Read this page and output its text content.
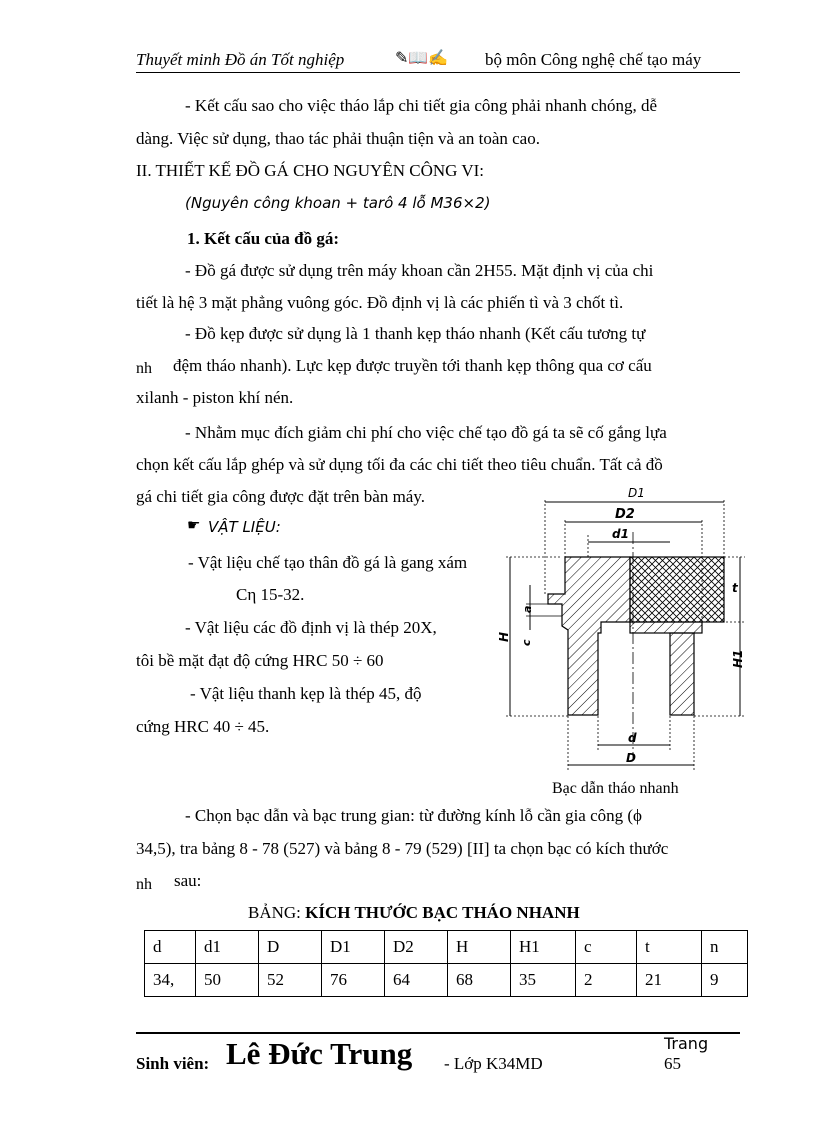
Thuyết minh Đồ án Tốt nghiệp	✎📖✍ bộ môn Công nghệ chế tạo máy
- Kết cấu sao cho việc tháo lắp chi tiết gia công phải nhanh chóng, dễ
dàng. Việc sử dụng, thao tác phải thuận tiện và an toàn cao.
II. THIẾT KẾ ĐỒ GÁ CHO NGUYÊN CÔNG VI:
(Nguyên công khoan + tarô 4 lỗ M36×2)
1. Kết cấu của đồ gá:
- Đồ gá được sử dụng trên máy khoan cần 2H55. Mặt định vị của chi
tiết là hệ 3 mặt phẳng vuông góc. Đồ định vị là các phiến tì và 3 chốt tì.
- Đồ kẹp được sử dụng là 1 thanh kẹp tháo nhanh (Kết cấu tương tự
nh đệm tháo nhanh). Lực kẹp được truyền tới thanh kẹp thông qua cơ cấu
xilanh - piston khí nén.
- Nhằm mục đích giảm chi phí cho việc chế tạo đồ gá ta sẽ cố gắng lựa
chọn kết cấu lắp ghép và sử dụng tối đa các chi tiết theo tiêu chuẩn. Tất cả đồ
gá chi tiết gia công được đặt trên bàn máy.
☛ VẬT LIỆU:
- Vật liệu chế tạo thân đồ gá là gang xám
Cη 15-32.
- Vật liệu các đồ định vị là thép 20X,
tôi bề mặt đạt độ cứng HRC 50 ÷ 60
- Vật liệu thanh kẹp là thép 45, độ
cứng HRC 40 ÷ 45.
D1
D2
d1
t
a
H
c
H1
d
D
Bạc dẫn tháo nhanh
- Chọn bạc dẫn và bạc trung gian: từ đường kính lỗ cần gia công (ϕ
34,5), tra bảng 8 - 78 (527) và bảng 8 - 79 (529) [II] ta chọn bạc có kích thước
nh sau:
BẢNG: KÍCH THƯỚC BẠC THÁO NHANH
d	d1	D	D1	D2	H	H1	c	t	n
34,	50	52	76	64	68	35	2	21	9
Sinh viên: Lê Đức Trung - Lớp K34MD
Trang
65
